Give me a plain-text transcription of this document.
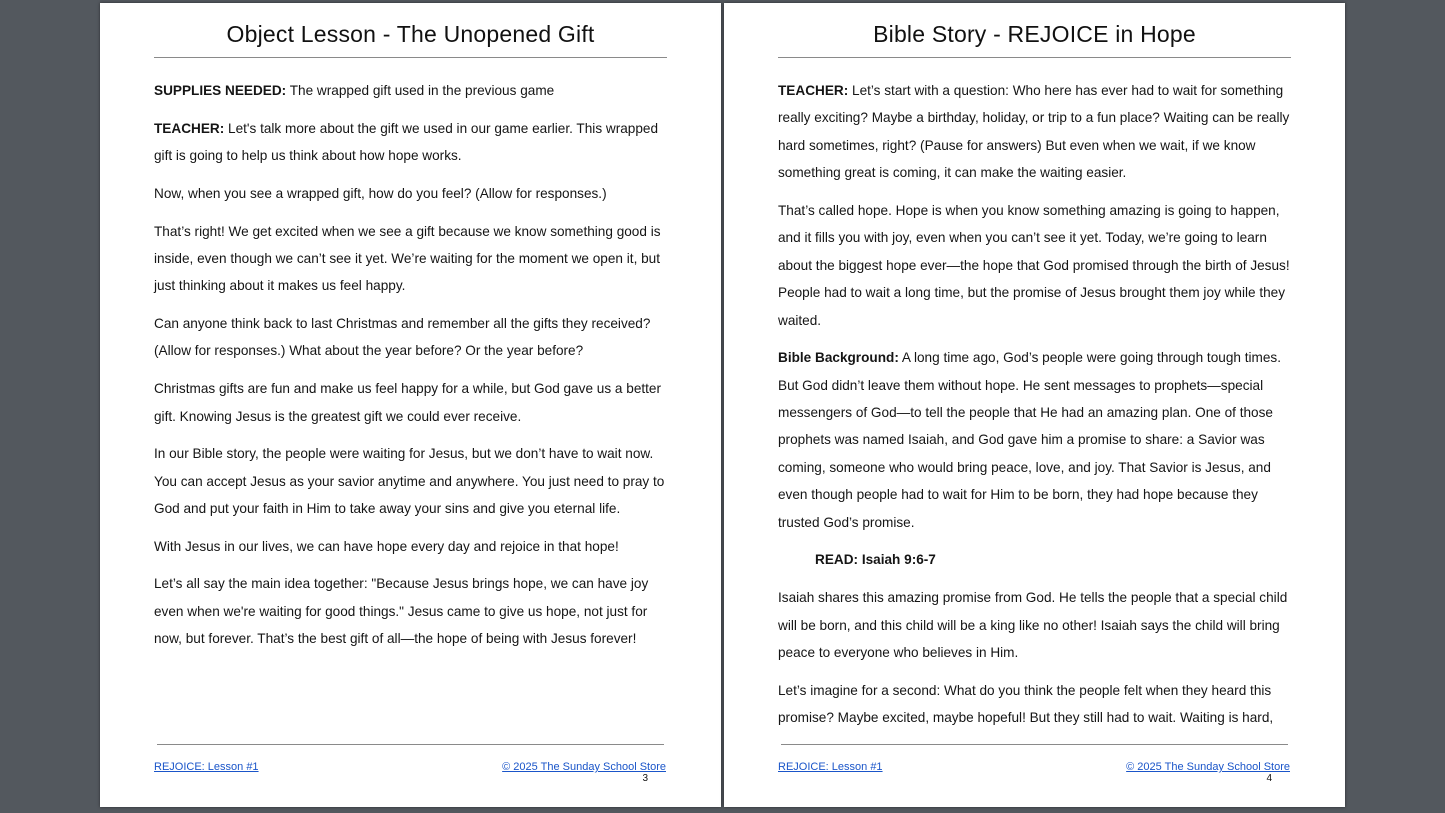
Object Lesson - The Unopened Gift

SUPPLIES NEEDED: The wrapped gift used in the previous game

TEACHER: Let's talk more about the gift we used in our game earlier. This wrapped gift is going to help us think about how hope works.

Now, when you see a wrapped gift, how do you feel? (Allow for responses.)

That’s right! We get excited when we see a gift because we know something good is inside, even though we can’t see it yet. We’re waiting for the moment we open it, but just thinking about it makes us feel happy.

Can anyone think back to last Christmas and remember all the gifts they received? (Allow for responses.) What about the year before? Or the year before?

Christmas gifts are fun and make us feel happy for a while, but God gave us a better gift. Knowing Jesus is the greatest gift we could ever receive.

In our Bible story, the people were waiting for Jesus, but we don’t have to wait now. You can accept Jesus as your savior anytime and anywhere. You just need to pray to God and put your faith in Him to take away your sins and give you eternal life.

With Jesus in our lives, we can have hope every day and rejoice in that hope!

Let’s all say the main idea together: "Because Jesus brings hope, we can have joy even when we're waiting for good things." Jesus came to give us hope, not just for now, but forever. That’s the best gift of all—the hope of being with Jesus forever!

REJOICE: Lesson #1	© 2025 The Sunday School Store
3
Bible Story - REJOICE in Hope

TEACHER: Let’s start with a question: Who here has ever had to wait for something really exciting? Maybe a birthday, holiday, or trip to a fun place? Waiting can be really hard sometimes, right? (Pause for answers) But even when we wait, if we know something great is coming, it can make the waiting easier.

That’s called hope. Hope is when you know something amazing is going to happen, and it fills you with joy, even when you can’t see it yet. Today, we’re going to learn about the biggest hope ever—the hope that God promised through the birth of Jesus! People had to wait a long time, but the promise of Jesus brought them joy while they waited.

Bible Background: A long time ago, God’s people were going through tough times. But God didn’t leave them without hope. He sent messages to prophets—special messengers of God—to tell the people that He had an amazing plan. One of those prophets was named Isaiah, and God gave him a promise to share: a Savior was coming, someone who would bring peace, love, and joy. That Savior is Jesus, and even though people had to wait for Him to be born, they had hope because they trusted God’s promise.

READ: Isaiah 9:6-7

Isaiah shares this amazing promise from God. He tells the people that a special child will be born, and this child will be a king like no other! Isaiah says the child will bring peace to everyone who believes in Him.

Let’s imagine for a second: What do you think the people felt when they heard this promise? Maybe excited, maybe hopeful! But they still had to wait. Waiting is hard,

REJOICE: Lesson #1	© 2025 The Sunday School Store
4
